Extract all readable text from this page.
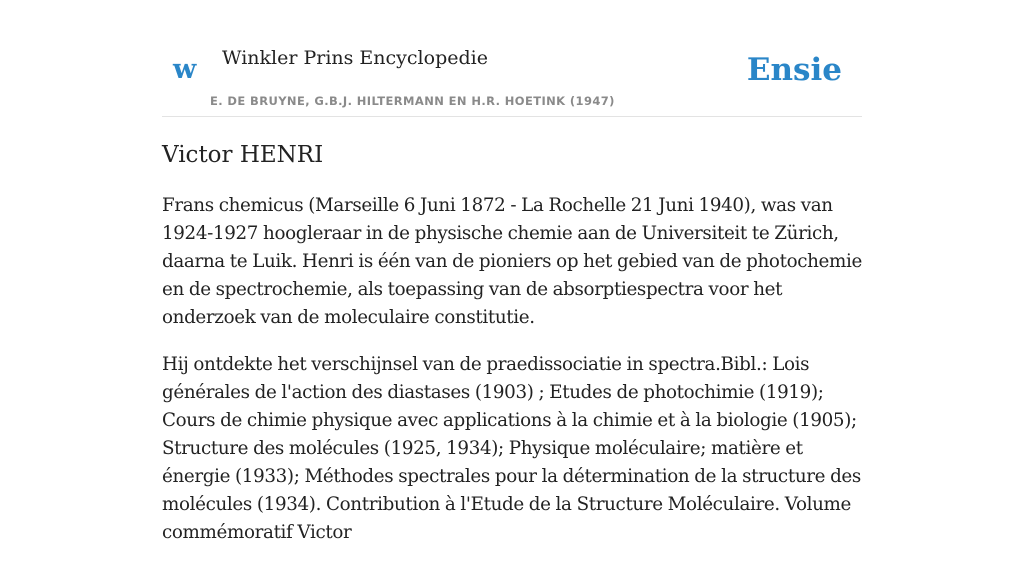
w Winkler Prins Encyclopedie
E. DE BRUYNE, G.B.J. HILTERMANN EN H.R. HOETINK (1947)
Ensie
Victor HENRI

Frans chemicus (Marseille 6 Juni 1872 - La Rochelle 21 Juni 1940), was van 1924-1927 hoogleraar in de physische chemie aan de Universiteit te Zürich, daarna te Luik. Henri is één van de pioniers op het gebied van de photochemie en de spectrochemie, als toepassing van de absorptiespectra voor het onderzoek van de moleculaire constitutie.

Hij ontdekte het verschijnsel van de praedissociatie in spectra.Bibl.: Lois générales de l'action des diastases (1903) ; Etudes de photochimie (1919); Cours de chimie physique avec applications à la chimie et à la biologie (1905); Structure des molécules (1925, 1934); Physique moléculaire; matière et énergie (1933); Méthodes spectrales pour la détermination de la structure des molécules (1934). Contribution à l'Etude de la Structure Moléculaire. Volume commémoratif Victor
